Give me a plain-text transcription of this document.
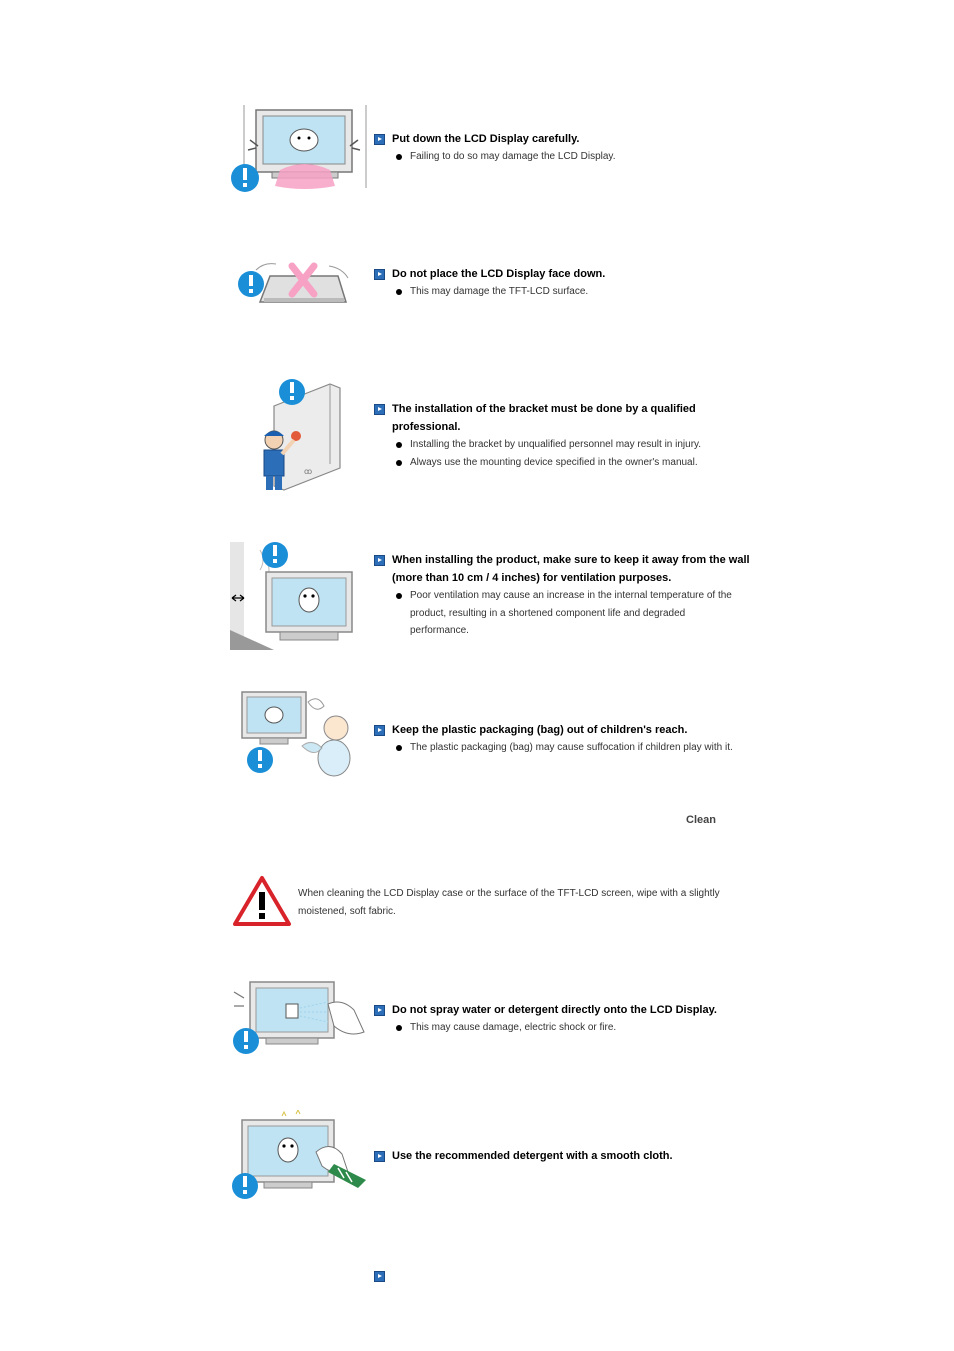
Put down the LCD Display carefully.
Failing to do so may damage the LCD Display.
Do not place the LCD Display face down.
This may damage the TFT-LCD surface.
ꝏ
The installation of the bracket must be done by a qualified
professional.
Installing the bracket by unqualified personnel may result in injury.
Always use the mounting device specified in the owner's manual.
When installing the product, make sure to keep it away from the wall
(more than 10 cm / 4 inches) for ventilation purposes.
Poor ventilation may cause an increase in the internal temperature of the
product, resulting in a shortened component life and degraded
performance.
Keep the plastic packaging (bag) out of children's reach.
The plastic packaging (bag) may cause suffocation if children play with it.
Clean
When cleaning the LCD Display case or the surface of the TFT-LCD screen, wipe with a slightly
moistened, soft fabric.
Do not spray water or detergent directly onto the LCD Display.
This may cause damage, electric shock or fire.
Use the recommended detergent with a smooth cloth.
